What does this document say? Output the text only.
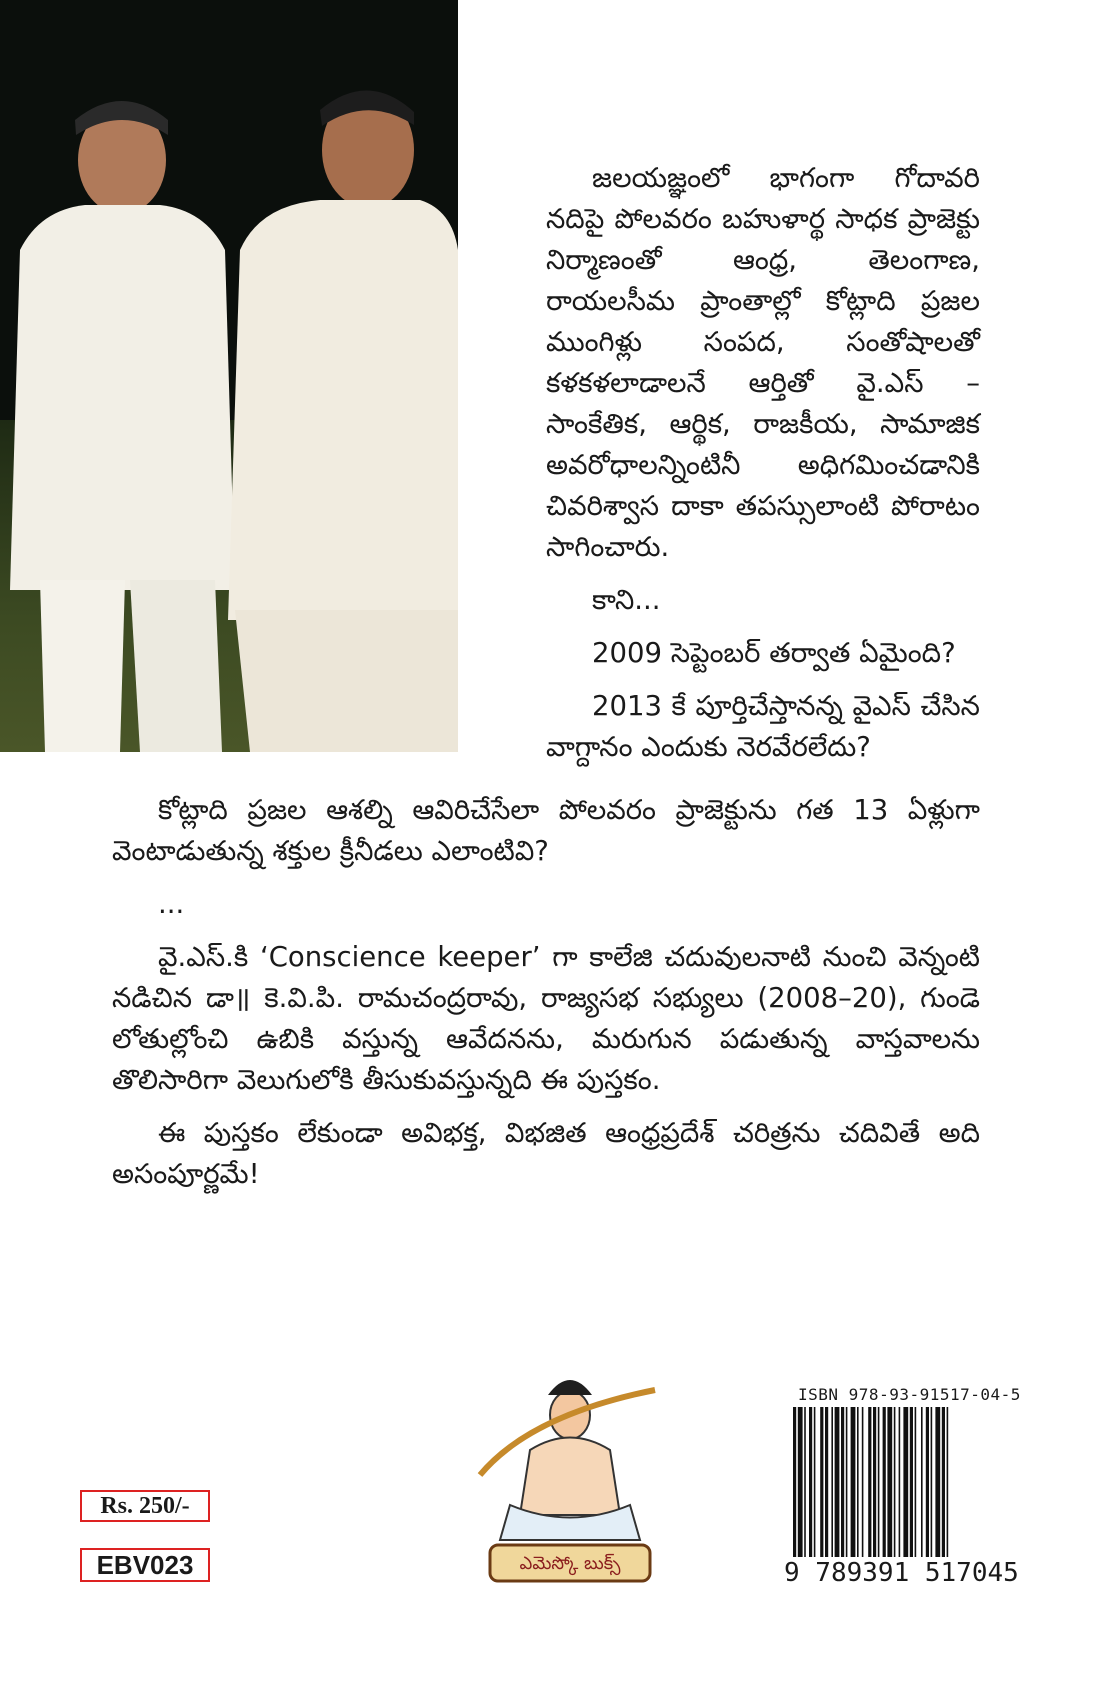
జలయజ్ఞంలో భాగంగా గోదావరి నదిపై పోలవరం బహుళార్థ సాధక ప్రాజెక్టు నిర్మాణంతో ఆంధ్ర, తెలంగాణ, రాయలసీమ ప్రాంతాల్లో కోట్లాది ప్రజల ముంగిళ్లు సంపద, సంతోషాలతో కళకళలాడాలనే ఆర్తితో వై.ఎస్ – సాంకేతిక, ఆర్థిక, రాజకీయ, సామాజిక అవరోధాలన్నింటినీ అధిగమించడానికి చివరిశ్వాస దాకా తపస్సులాంటి పోరాటం సాగించారు.

కాని...

2009 సెప్టెంబర్ తర్వాత ఏమైంది?

2013 కే పూర్తిచేస్తానన్న వైఎస్ చేసిన వాగ్దానం ఎందుకు నెరవేరలేదు?

కోట్లాది ప్రజల ఆశల్ని ఆవిరిచేసేలా పోలవరం ప్రాజెక్టును గత 13 ఏళ్లుగా వెంటాడుతున్న శక్తుల క్రీనీడలు ఎలాంటివి?

...

వై.ఎస్.కి ‘Conscience keeper’ గా కాలేజి చదువులనాటి నుంచి వెన్నంటి నడిచిన డా॥ కె.వి.పి. రామచంద్రరావు, రాజ్యసభ సభ్యులు (2008–20), గుండె లోతుల్లోంచి ఉబికి వస్తున్న ఆవేదనను, మరుగున పడుతున్న వాస్తవాలను తొలిసారిగా వెలుగులోకి తీసుకువస్తున్నది ఈ పుస్తకం.

ఈ పుస్తకం లేకుండా అవిభక్త, విభజిత ఆంధ్రప్రదేశ్ చరిత్రను చదివితే అది అసంపూర్ణమే!

Rs. 250/-
EBV023	ఎమెస్కో బుక్స్
ISBN 978-93-91517-04-5
9 789391 517045
